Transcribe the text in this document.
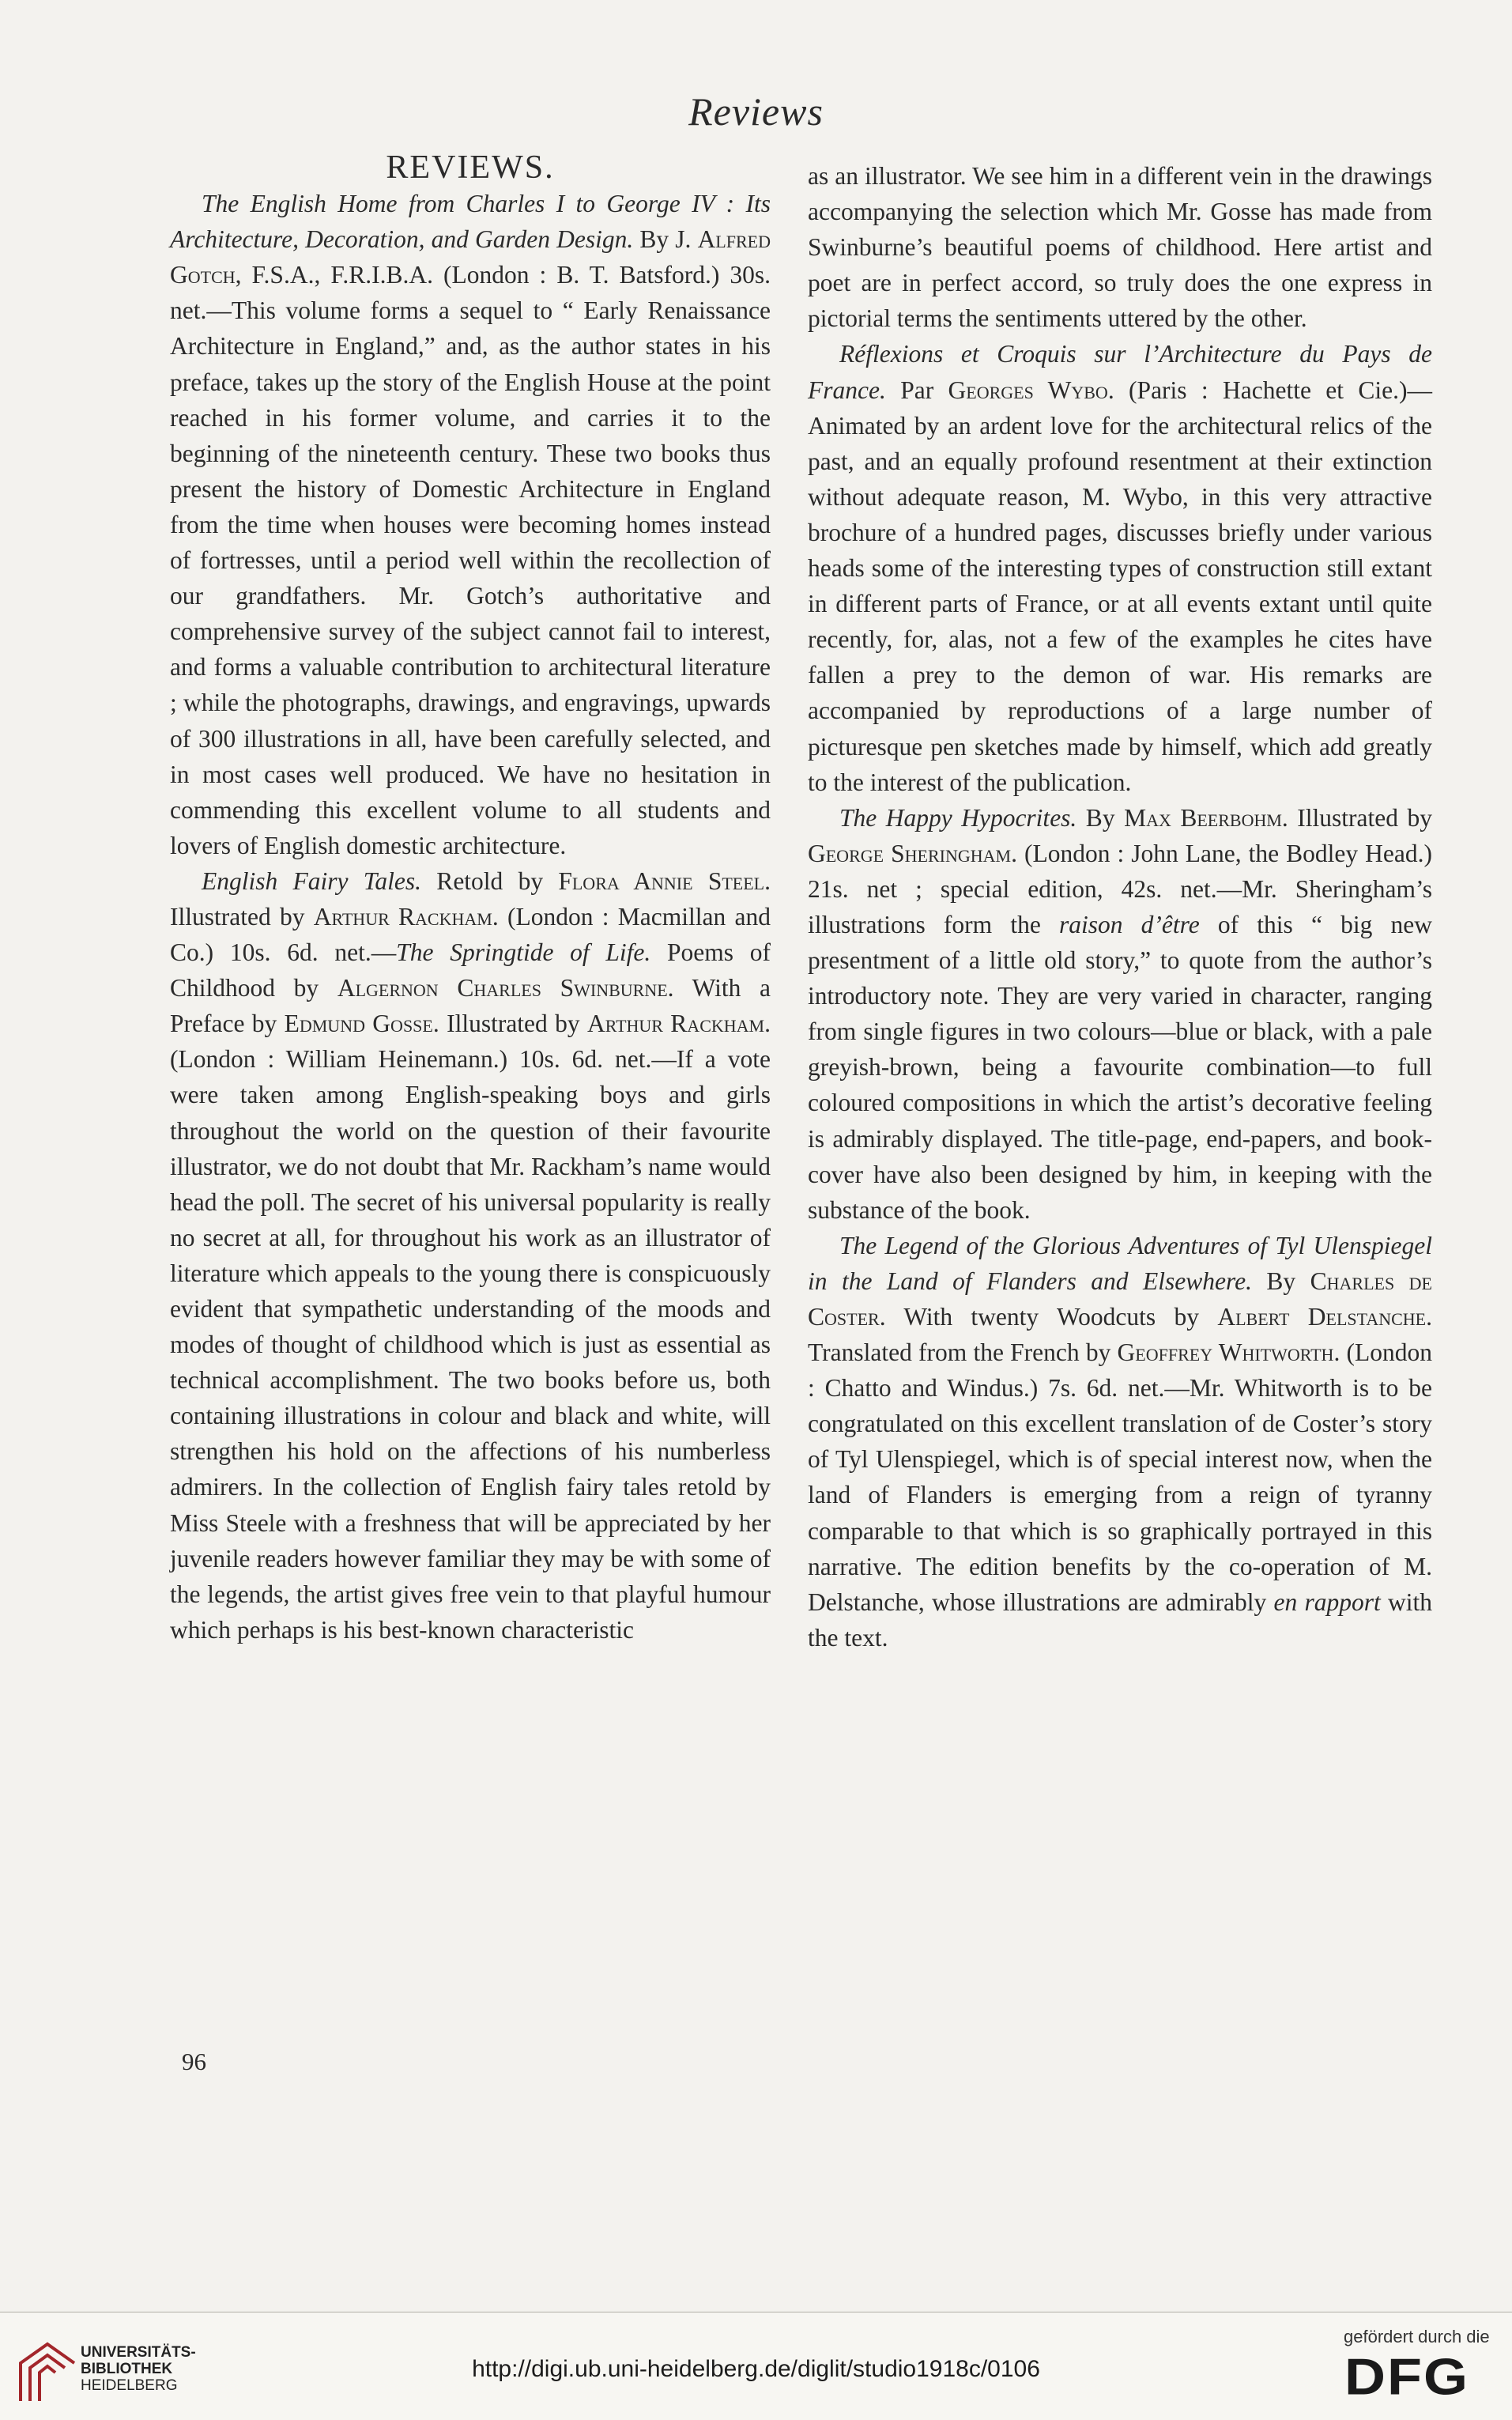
Reviews

REVIEWS.

The English Home from Charles I to George IV : Its Architecture, Decoration, and Garden Design. By J. Alfred Gotch, F.S.A., F.R.I.B.A. (London : B. T. Batsford.) 30s. net.—This volume forms a sequel to “ Early Renaissance Architecture in England,” and, as the author states in his preface, takes up the story of the English House at the point reached in his former volume, and carries it to the beginning of the nineteenth century. These two books thus present the history of Domestic Architecture in England from the time when houses were becoming homes instead of fortresses, until a period well within the recollection of our grandfathers. Mr. Gotch’s authoritative and comprehensive survey of the subject cannot fail to interest, and forms a valuable contribution to architectural literature ; while the photographs, drawings, and engravings, upwards of 300 illustrations in all, have been carefully selected, and in most cases well produced. We have no hesitation in commending this excellent volume to all students and lovers of English domestic architecture.

English Fairy Tales. Retold by Flora Annie Steel. Illustrated by Arthur Rackham. (London : Macmillan and Co.) 10s. 6d. net.—The Springtide of Life. Poems of Childhood by Algernon Charles Swinburne. With a Preface by Edmund Gosse. Illustrated by Arthur Rackham. (London : William Heinemann.) 10s. 6d. net.—If a vote were taken among English-speaking boys and girls throughout the world on the question of their favourite illustrator, we do not doubt that Mr. Rackham’s name would head the poll. The secret of his universal popularity is really no secret at all, for throughout his work as an illustrator of literature which appeals to the young there is conspicuously evident that sympathetic understanding of the moods and modes of thought of childhood which is just as essential as technical accomplishment. The two books before us, both containing illustrations in colour and black and white, will strengthen his hold on the affections of his numberless admirers. In the collection of English fairy tales retold by Miss Steele with a freshness that will be appreciated by her juvenile readers however familiar they may be with some of the legends, the artist gives free vein to that playful humour which perhaps is his best-known characteristic

96

as an illustrator. We see him in a different vein in the drawings accompanying the selection which Mr. Gosse has made from Swinburne’s beautiful poems of childhood. Here artist and poet are in perfect accord, so truly does the one express in pictorial terms the sentiments uttered by the other.

Réflexions et Croquis sur l’Architecture du Pays de France. Par Georges Wybo. (Paris : Hachette et Cie.)—Animated by an ardent love for the architectural relics of the past, and an equally profound resentment at their extinction without adequate reason, M. Wybo, in this very attractive brochure of a hundred pages, discusses briefly under various heads some of the interesting types of construction still extant in different parts of France, or at all events extant until quite recently, for, alas, not a few of the examples he cites have fallen a prey to the demon of war. His remarks are accompanied by reproductions of a large number of picturesque pen sketches made by himself, which add greatly to the interest of the publication.

The Happy Hypocrites. By Max Beerbohm. Illustrated by George Sheringham. (London : John Lane, the Bodley Head.) 21s. net ; special edition, 42s. net.—Mr. Sheringham’s illustrations form the raison d’être of this “ big new presentment of a little old story,” to quote from the author’s introductory note. They are very varied in character, ranging from single figures in two colours—blue or black, with a pale greyish-brown, being a favourite combination—to full coloured compositions in which the artist’s decorative feeling is admirably displayed. The title-page, end-papers, and book-cover have also been designed by him, in keeping with the substance of the book.

The Legend of the Glorious Adventures of Tyl Ulenspiegel in the Land of Flanders and Elsewhere. By Charles de Coster. With twenty Woodcuts by Albert Delstanche. Translated from the French by Geoffrey Whitworth. (London : Chatto and Windus.) 7s. 6d. net.—Mr. Whitworth is to be congratulated on this excellent translation of de Coster’s story of Tyl Ulenspiegel, which is of special interest now, when the land of Flanders is emerging from a reign of tyranny comparable to that which is so graphically portrayed in this narrative. The edition benefits by the co-operation of M. Delstanche, whose illustrations are admirably en rapport with the text.

UNIVERSITÄTS-
BIBLIOTHEK
HEIDELBERG
http://digi.ub.uni-heidelberg.de/diglit/studio1918c/0106
gefördert durch die
DFG
